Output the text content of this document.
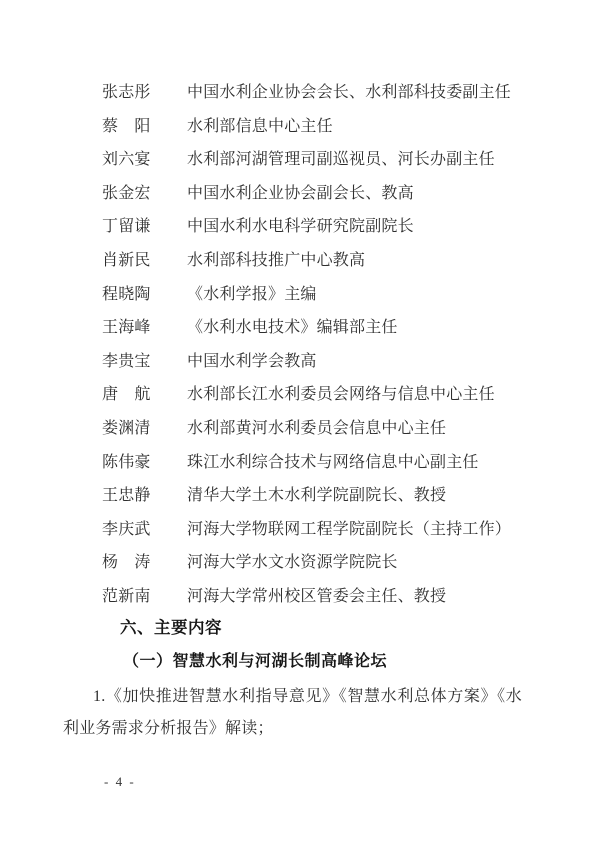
张志彤 中国水利企业协会会长、水利部科技委副主任
蔡　阳 水利部信息中心主任
刘六宴 水利部河湖管理司副巡视员、河长办副主任
张金宏 中国水利企业协会副会长、教高
丁留谦 中国水利水电科学研究院副院长
肖新民 水利部科技推广中心教高
程晓陶 《水利学报》主编
王海峰 《水利水电技术》编辑部主任
李贵宝 中国水利学会教高
唐　航 水利部长江水利委员会网络与信息中心主任
娄渊清 水利部黄河水利委员会信息中心主任
陈伟豪 珠江水利综合技术与网络信息中心副主任
王忠静 清华大学土木水利学院副院长、教授
李庆武 河海大学物联网工程学院副院长（主持工作）
杨　涛 河海大学水文水资源学院院长
范新南 河海大学常州校区管委会主任、教授
六、主要内容
（一）智慧水利与河湖长制高峰论坛

1.《加快推进智慧水利指导意见》《智慧水利总体方案》《水利业务需求分析报告》解读；

- 4 -
